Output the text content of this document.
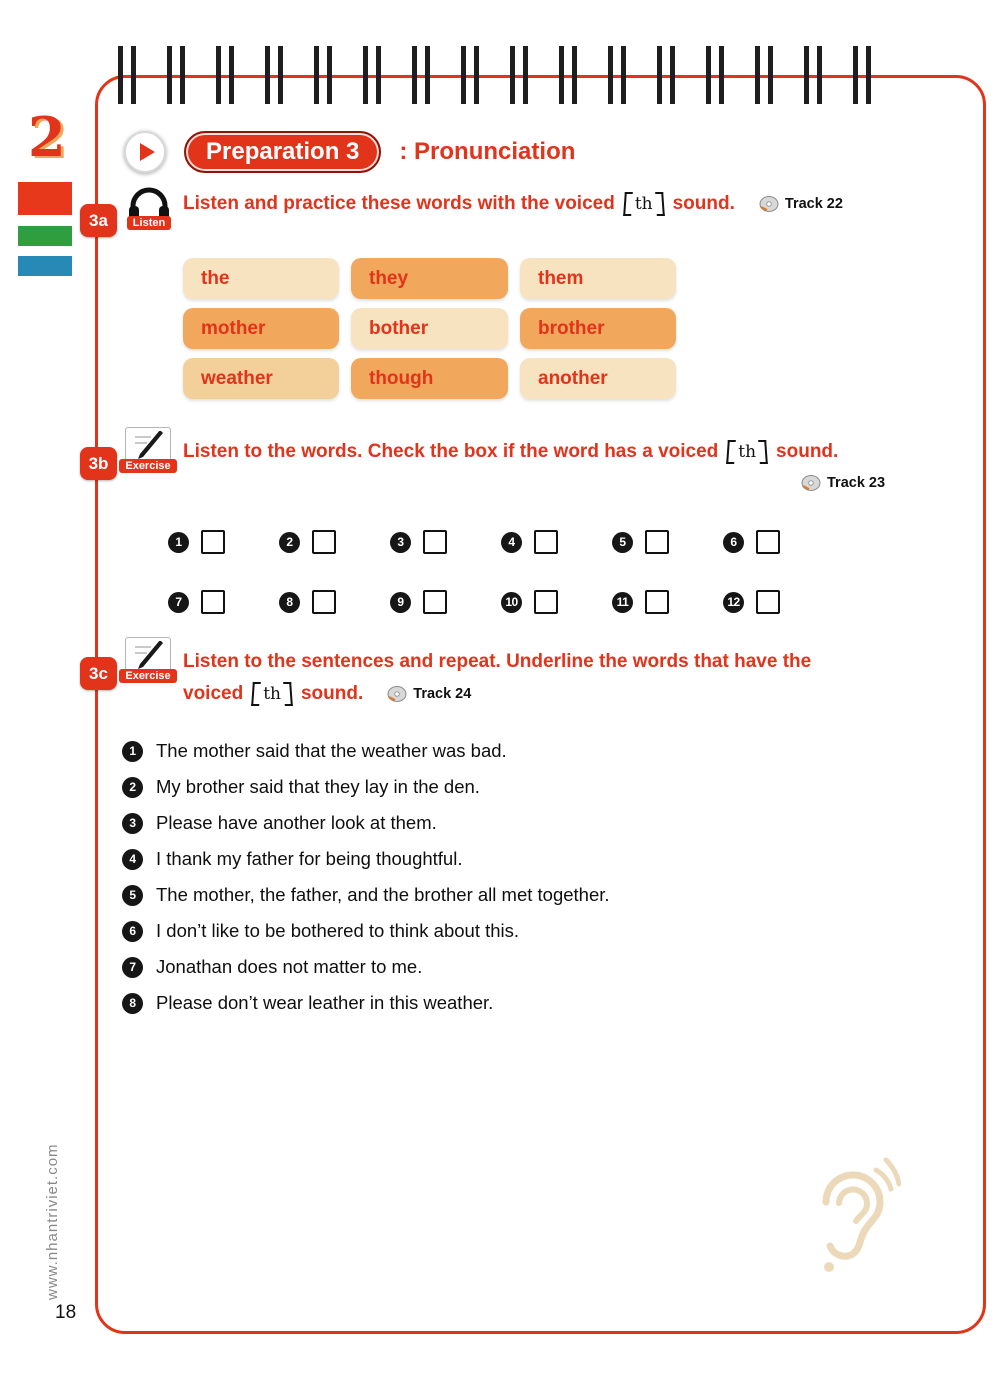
2
www.nhantriviet.com
18
Preparation 3	: Pronunciation
3a	Listen
Listen and practice these words with the voiced th sound.	Track 22
the	they	them
mother	bother	brother
weather	though	another
3b	Exercise
Listen to the words. Check the box if the word has a voiced th sound.
Track 23
1	2	3	4	5	6
7	8	9	10	11	12
3c	Exercise
Listen to the sentences and repeat. Underline the words that have the
voiced th sound.	Track 24
1	The mother said that the weather was bad.
2	My brother said that they lay in the den.
3	Please have another look at them.
4	I thank my father for being thoughtful.
5	The mother, the father, and the brother all met together.
6	I don’t like to be bothered to think about this.
7	Jonathan does not matter to me.
8	Please don’t wear leather in this weather.
